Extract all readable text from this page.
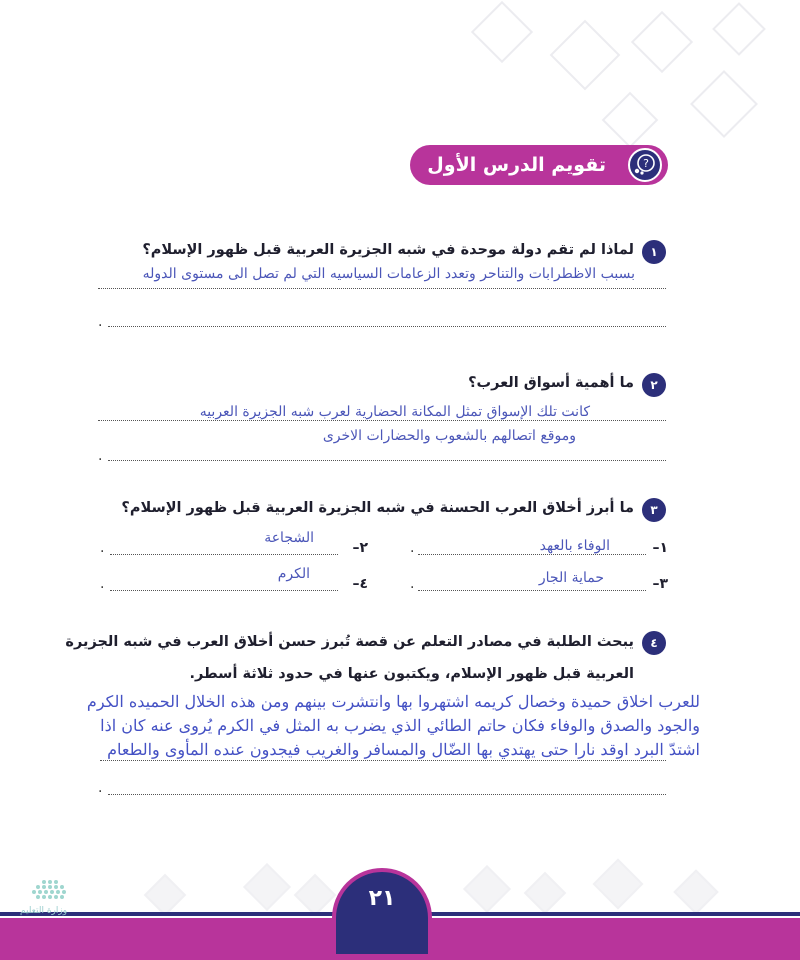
تقويم الدرس الأول	?
١
لماذا لم تقم دولة موحدة في شبه الجزيرة العربية قبل ظهور الإسلام؟
بسبب الاظطرابات والتناحر وتعدد الزعامات السياسيه التي لم تصل الى مستوى الدوله
.
٢
ما أهمية أسواق العرب؟
كانت تلك الإسواق تمثل المكانة الحضارية لعرب شبه الجزيرة العربيه
وموقع اتصالهم بالشعوب والحضارات الاخرى
.
٣
ما أبرز أخلاق العرب الحسنة في شبه الجزيرة العربية قبل ظهور الإسلام؟
١–
الوفاء بالعهد
.
٢–
الشجاعة
.
٣–
حماية الجار
.
٤–
الكرم
.
٤
يبحث الطلبة في مصادر التعلم عن قصة تُبرز حسن أخلاق العرب في شبه الجزيرة
العربية قبل ظهور الإسلام، ويكتبون عنها في حدود ثلاثة أسطر.
للعرب اخلاق حميدة وخصال كريمه اشتهروا بها وانتشرت بينهم ومن هذه الخلال الحميده الكرم
والجود والصدق والوفاء فكان حاتم الطائي الذي يضرب به المثل في الكرم يُروى عنه كان اذا
اشتدّ البرد اوقد نارا حتى يهتدي بها الضّال والمسافر والغريب فيجدون عنده المأوى والطعام
.
٢١
وزارة التعليم
